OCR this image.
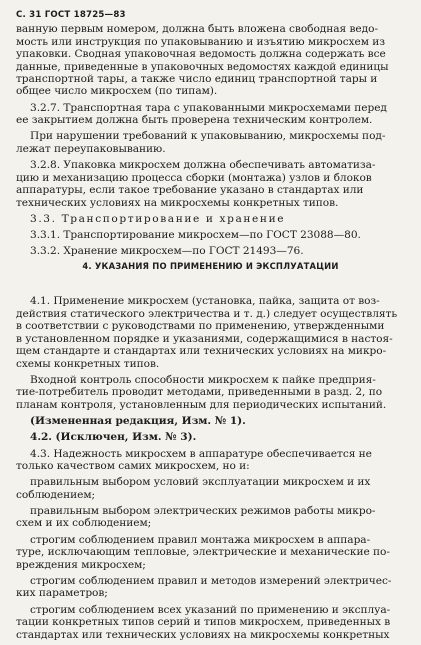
С. 31 ГОСТ 18725—83
ванную первым номером, должна быть вложена свободная ведо-
мость или инструкция по упаковыванию и изъятию микросхем из
упаковки. Сводная упаковочная ведомость должна содержать все
данные, приведенные в упаковочных ведомостях каждой единицы
транспортной тары, а также число единиц транспортной тары и
общее число микросхем (по типам).
3.2.7. Транспортная тара с упакованными микросхемами перед
ее закрытием должна быть проверена техническим контролем.
При нарушении требований к упаковыванию, микросхемы под-
лежат переупаковыванию.
3.2.8. Упаковка микросхем должна обеспечивать автоматиза-
цию и механизацию процесса сборки (монтажа) узлов и блоков
аппаратуры, если такое требование указано в стандартах или
технических условиях на микросхемы конкретных типов.
3.3. Транспортирование и хранение
3.3.1. Транспортирование микросхем—по ГОСТ 23088—80.
3.3.2. Хранение микросхем—по ГОСТ 21493—76.
4. УКАЗАНИЯ ПО ПРИМЕНЕНИЮ И ЭКСПЛУАТАЦИИ
4.1. Применение микросхем (установка, пайка, защита от воз-
действия статического электричества и т. д.) следует осуществлять
в соответствии с руководствами по применению, утвержденными
в установленном порядке и указаниями, содержащимися в настоя-
щем стандарте и стандартах или технических условиях на микро-
схемы конкретных типов.
Входной контроль способности микросхем к пайке предприя-
тие-потребитель проводит методами, приведенными в разд. 2, по
планам контроля, установленным для периодических испытаний.
(Измененная редакция, Изм. № 1).
4.2. (Исключен, Изм. № 3).
4.3. Надежность микросхем в аппаратуре обеспечивается не
только качеством самих микросхем, но и:
правильным выбором условий эксплуатации микросхем и их
соблюдением;
правильным выбором электрических режимов работы микро-
схем и их соблюдением;
строгим соблюдением правил монтажа микросхем в аппара-
туре, исключающим тепловые, электрические и механические по-
вреждения микросхем;
строгим соблюдением правил и методов измерений электричес-
ких параметров;
строгим соблюдением всех указаний по применению и эксплуа-
тации конкретных типов серий и типов микросхем, приведенных в
стандартах или технических условиях на микросхемы конкретных
